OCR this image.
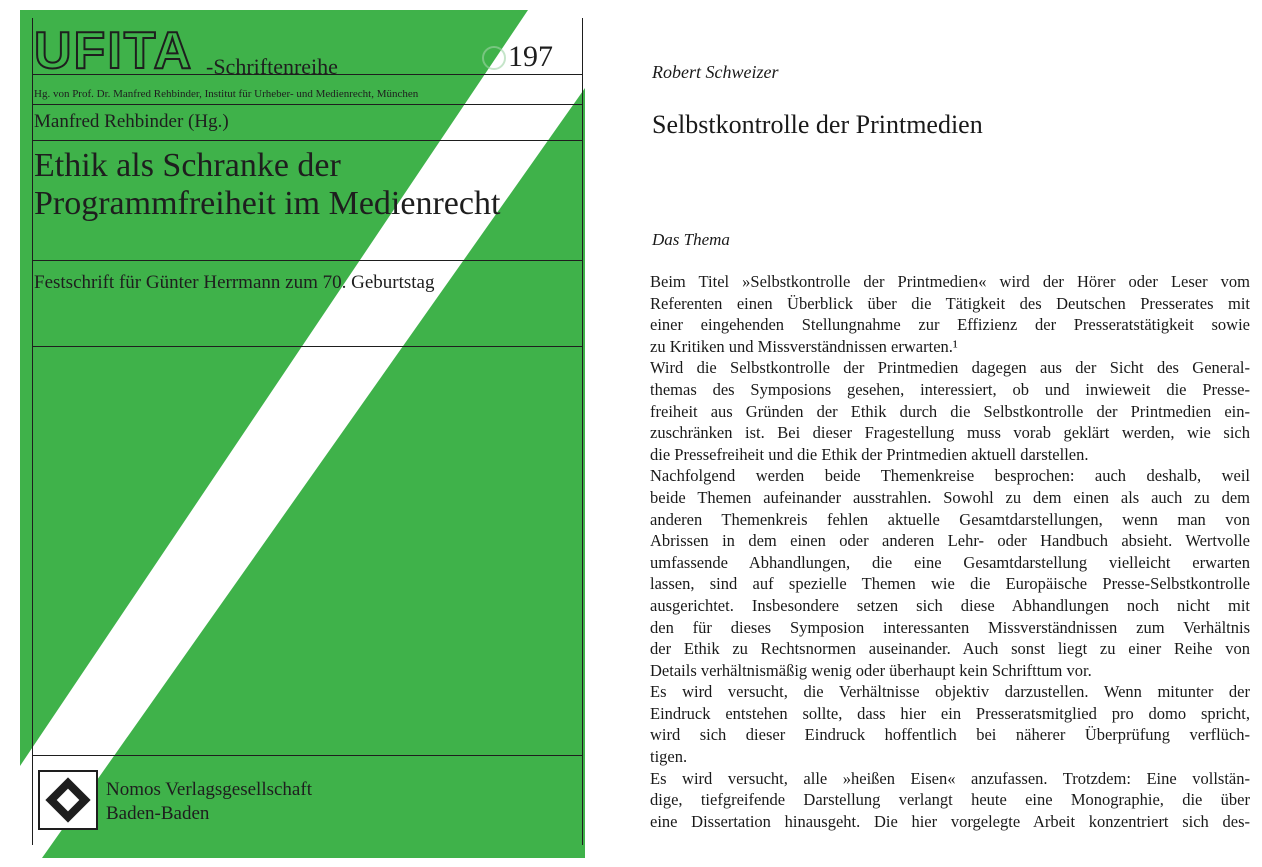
UFITA -Schriftenreihe	197
Hg. von Prof. Dr. Manfred Rehbinder, Institut für Urheber- und Medienrecht, München
Manfred Rehbinder (Hg.)
Ethik als Schranke der
Programmfreiheit im Medienrecht
Festschrift für Günter Herrmann zum 70. Geburtstag
Nomos Verlagsgesellschaft
Baden-Baden
Robert Schweizer
Selbstkontrolle der Printmedien
Das Thema
Beim Titel »Selbstkontrolle der Printmedien« wird der Hörer oder Leser vom
Referenten einen Überblick über die Tätigkeit des Deutschen Presserates mit
einer eingehenden Stellungnahme zur Effizienz der Presseratstätigkeit sowie
zu Kritiken und Missverständnissen erwarten.¹
Wird die Selbstkontrolle der Printmedien dagegen aus der Sicht des General-
themas des Symposions gesehen, interessiert, ob und inwieweit die Presse-
freiheit aus Gründen der Ethik durch die Selbstkontrolle der Printmedien ein-
zuschränken ist. Bei dieser Fragestellung muss vorab geklärt werden, wie sich
die Pressefreiheit und die Ethik der Printmedien aktuell darstellen.
Nachfolgend werden beide Themenkreise besprochen: auch deshalb, weil
beide Themen aufeinander ausstrahlen. Sowohl zu dem einen als auch zu dem
anderen Themenkreis fehlen aktuelle Gesamtdarstellungen, wenn man von
Abrissen in dem einen oder anderen Lehr- oder Handbuch absieht. Wertvolle
umfassende Abhandlungen, die eine Gesamtdarstellung vielleicht erwarten
lassen, sind auf spezielle Themen wie die Europäische Presse-Selbstkontrolle
ausgerichtet. Insbesondere setzen sich diese Abhandlungen noch nicht mit
den für dieses Symposion interessanten Missverständnissen zum Verhältnis
der Ethik zu Rechtsnormen auseinander. Auch sonst liegt zu einer Reihe von
Details verhältnismäßig wenig oder überhaupt kein Schrifttum vor.
Es wird versucht, die Verhältnisse objektiv darzustellen. Wenn mitunter der
Eindruck entstehen sollte, dass hier ein Presseratsmitglied pro domo spricht,
wird sich dieser Eindruck hoffentlich bei näherer Überprüfung verflüch-
tigen.
Es wird versucht, alle »heißen Eisen« anzufassen. Trotzdem: Eine vollstän-
dige, tiefgreifende Darstellung verlangt heute eine Monographie, die über
eine Dissertation hinausgeht. Die hier vorgelegte Arbeit konzentriert sich des-
